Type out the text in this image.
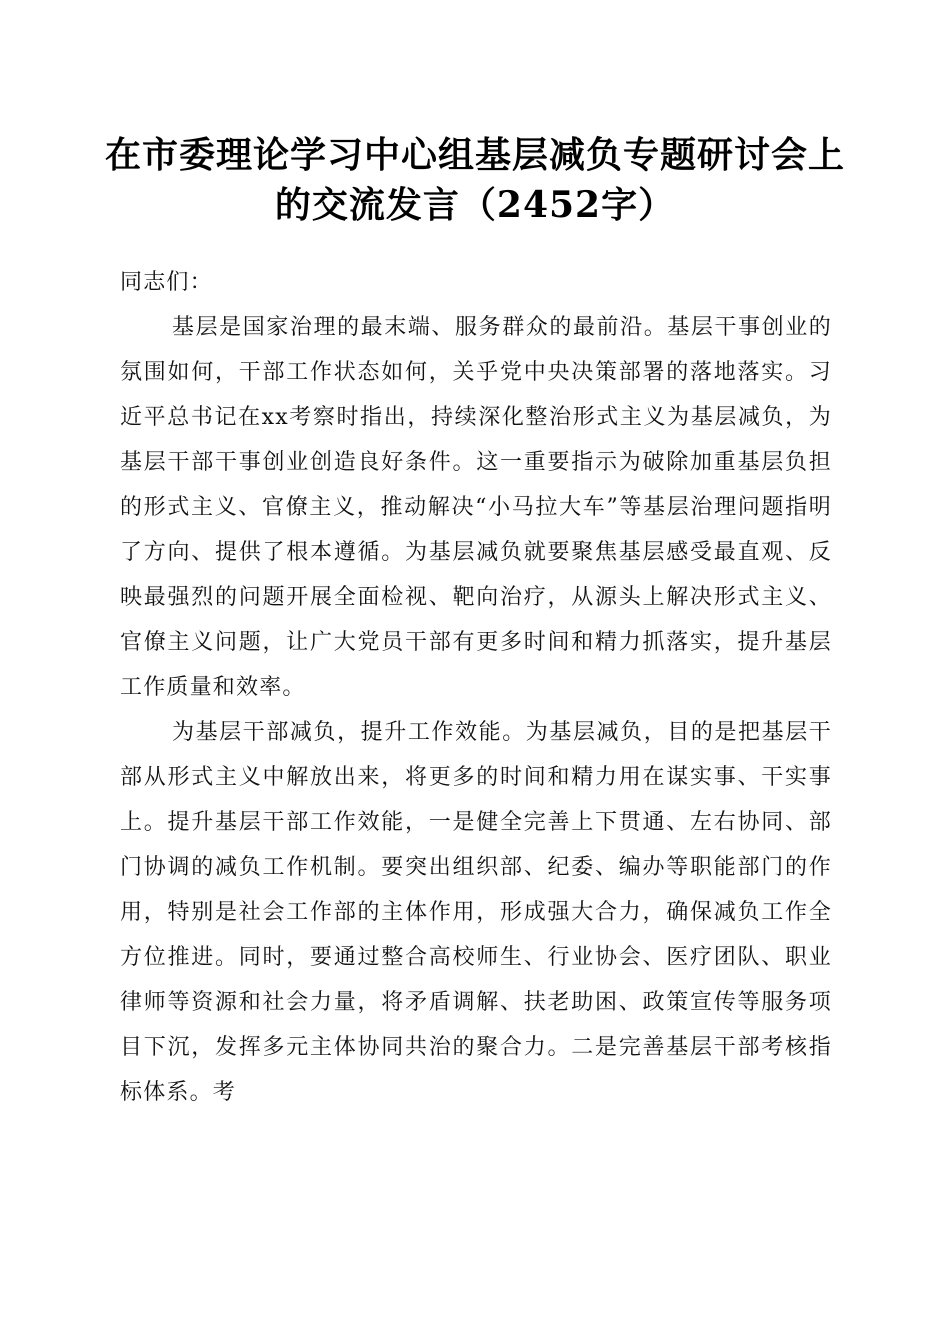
在市委理论学习中心组基层减负专题研讨会上
的交流发言（2452字）

同志们：

基层是国家治理的最末端、服务群众的最前沿。基层干事创业的氛围如何，干部工作状态如何，关乎党中央决策部署的落地落实。习近平总书记在xx考察时指出，持续深化整治形式主义为基层减负，为基层干部干事创业创造良好条件。这一重要指示为破除加重基层负担的形式主义、官僚主义，推动解决“小马拉大车”等基层治理问题指明了方向、提供了根本遵循。为基层减负就要聚焦基层感受最直观、反映最强烈的问题开展全面检视、靶向治疗，从源头上解决形式主义、官僚主义问题，让广大党员干部有更多时间和精力抓落实，提升基层工作质量和效率。

为基层干部减负，提升工作效能。为基层减负，目的是把基层干部从形式主义中解放出来，将更多的时间和精力用在谋实事、干实事上。提升基层干部工作效能，一是健全完善上下贯通、左右协同、部门协调的减负工作机制。要突出组织部、纪委、编办等职能部门的作用，特别是社会工作部的主体作用，形成强大合力，确保减负工作全方位推进。同时，要通过整合高校师生、行业协会、医疗团队、职业律师等资源和社会力量，将矛盾调解、扶老助困、政策宣传等服务项目下沉，发挥多元主体协同共治的聚合力。二是完善基层干部考核指标体系。考
